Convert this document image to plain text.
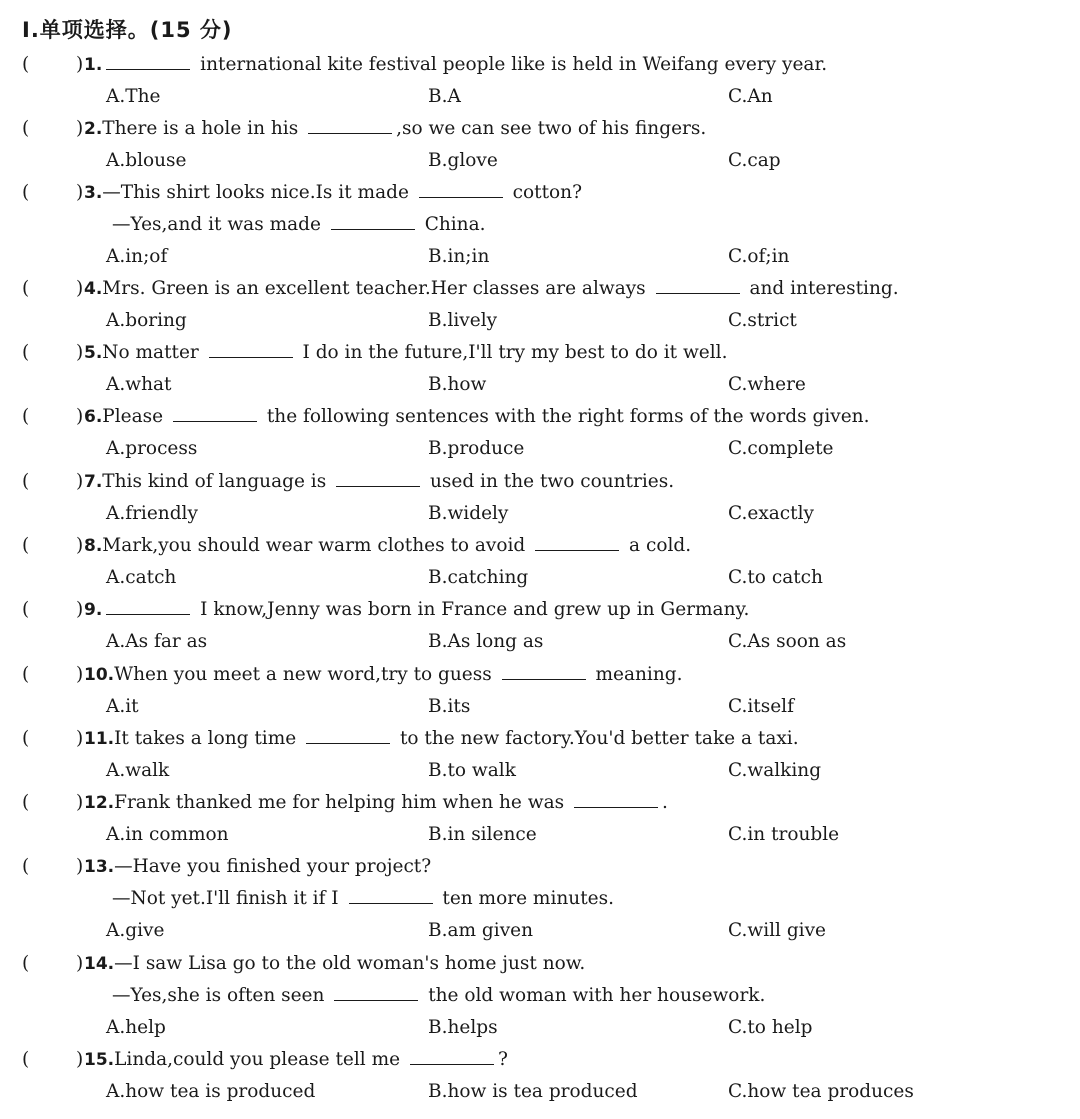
Ⅰ.单项选择。(15 分)
(	) 1.	international kite festival people like is held in Weifang every year.
A.The	B.A	C.An
(	) 2.There is a hole in his	,so we can see two of his fingers.
A.blouse	B.glove	C.cap
(	) 3.—This shirt looks nice.Is it made	cotton?
—Yes,and it was made	China.
A.in;of	B.in;in	C.of;in
(	) 4.Mrs. Green is an excellent teacher.Her classes are always	and interesting.
A.boring	B.lively	C.strict
(	) 5.No matter	I do in the future,I'll try my best to do it well.
A.what	B.how	C.where
(	) 6.Please	the following sentences with the right forms of the words given.
A.process	B.produce	C.complete
(	) 7.This kind of language is	used in the two countries.
A.friendly	B.widely	C.exactly
(	) 8.Mark,you should wear warm clothes to avoid	a cold.
A.catch	B.catching	C.to catch
(	) 9.	I know,Jenny was born in France and grew up in Germany.
A.As far as	B.As long as	C.As soon as
(	) 10.When you meet a new word,try to guess	meaning.
A.it	B.its	C.itself
(	) 11.It takes a long time	to the new factory.You'd better take a taxi.
A.walk	B.to walk	C.walking
(	) 12.Frank thanked me for helping him when he was	.
A.in common	B.in silence	C.in trouble
(	) 13.—Have you finished your project?
—Not yet.I'll finish it if I	ten more minutes.
A.give	B.am given	C.will give
(	) 14.—I saw Lisa go to the old woman's home just now.
—Yes,she is often seen	the old woman with her housework.
A.help	B.helps	C.to help
(	) 15.Linda,could you please tell me	?
A.how tea is produced	B.how is tea produced	C.how tea produces
